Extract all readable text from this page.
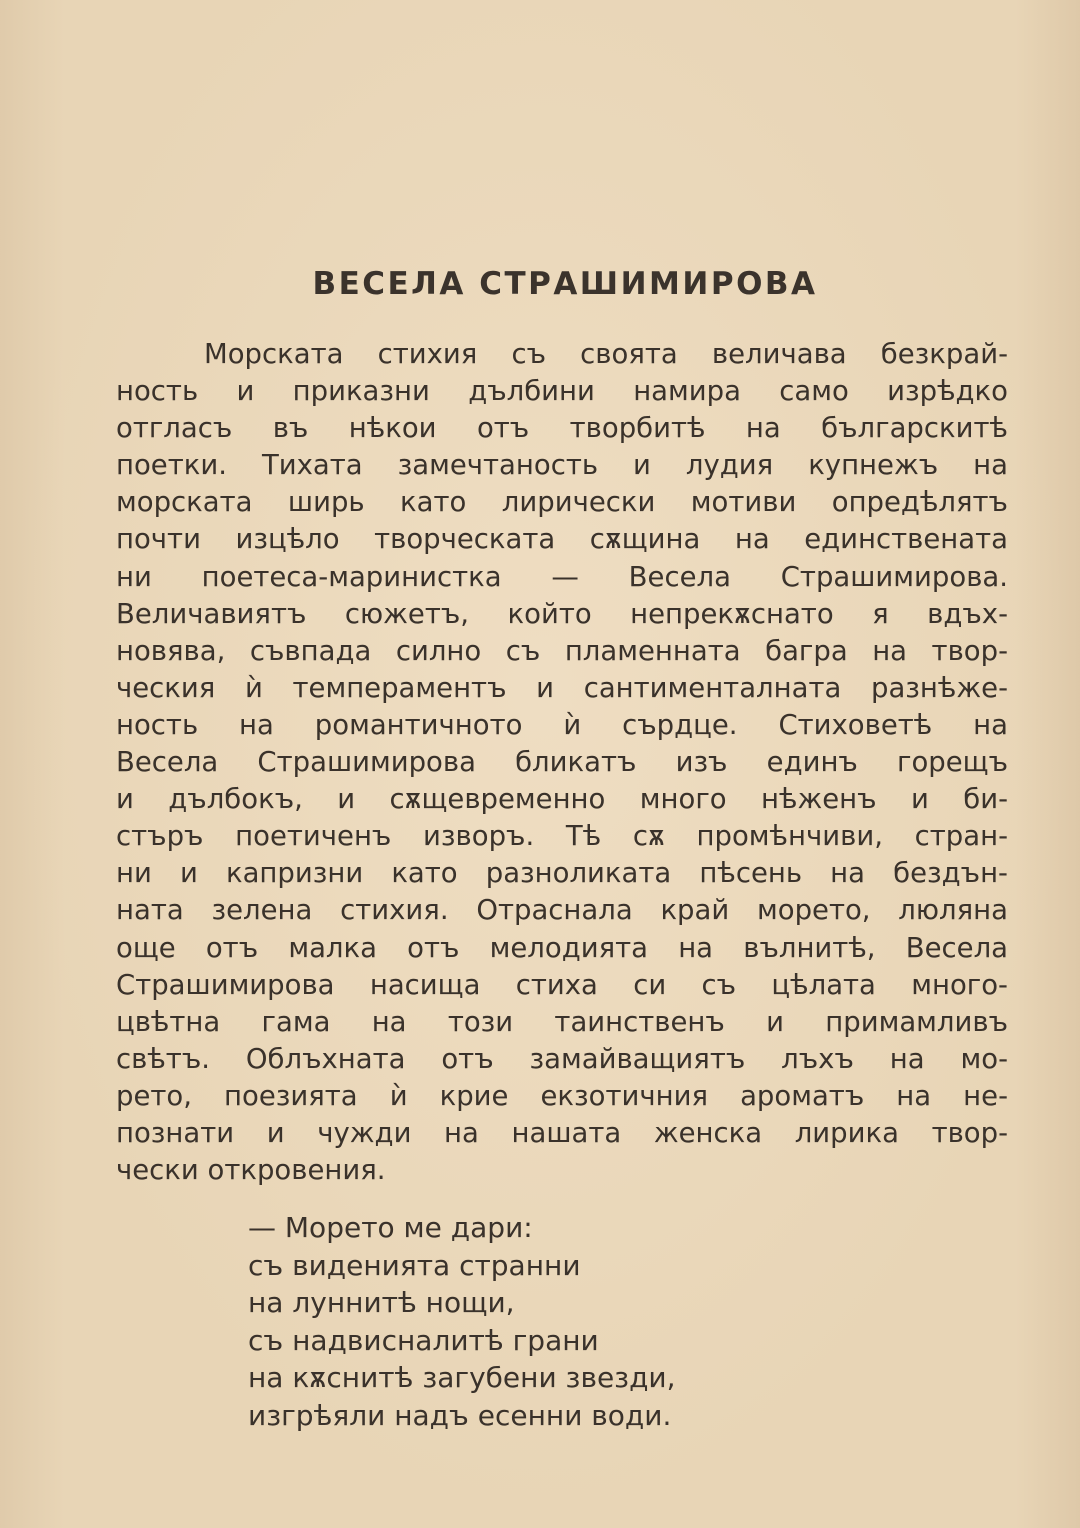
ВЕСЕЛА СТРАШИМИРОВА
Морската стихия съ своята величава безкрай-
ность и приказни дълбини намира само изрѣдко
отгласъ въ нѣкои отъ творбитѣ на българскитѣ
поетки. Тихата замечтаность и лудия купнежъ на
морската ширь като лирически мотиви опредѣлятъ
почти изцѣло творческата сѫщина на единствената
ни поетеса-маринистка — Весела Страшимирова.
Величавиятъ сюжетъ, който непрекѫснато я вдъх-
новява, съвпада силно съ пламенната багра на твор-
ческия ѝ темпераментъ и сантименталната разнѣже-
ность на романтичното ѝ сърдце. Стиховетѣ на
Весела Страшимирова бликатъ изъ единъ горещъ
и дълбокъ, и сѫщевременно много нѣженъ и би-
стъръ поетиченъ изворъ. Тѣ сѫ промѣнчиви, стран-
ни и капризни като разноликата пѣсень на бездън-
ната зелена стихия. Отраснала край морето, люляна
още отъ малка отъ мелодията на вълнитѣ, Весела
Страшимирова насища стиха си съ цѣлата много-
цвѣтна гама на този таинственъ и примамливъ
свѣтъ. Облъхната отъ замайващиятъ лъхъ на мо-
рето, поезията ѝ крие екзотичния ароматъ на не-
познати и чужди на нашата женска лирика твор-
чески откровения.
— Морето ме дари:
съ виденията странни
на луннитѣ нощи,
съ надвисналитѣ грани
на кѫснитѣ загубени звезди,
изгрѣяли надъ есенни води.
